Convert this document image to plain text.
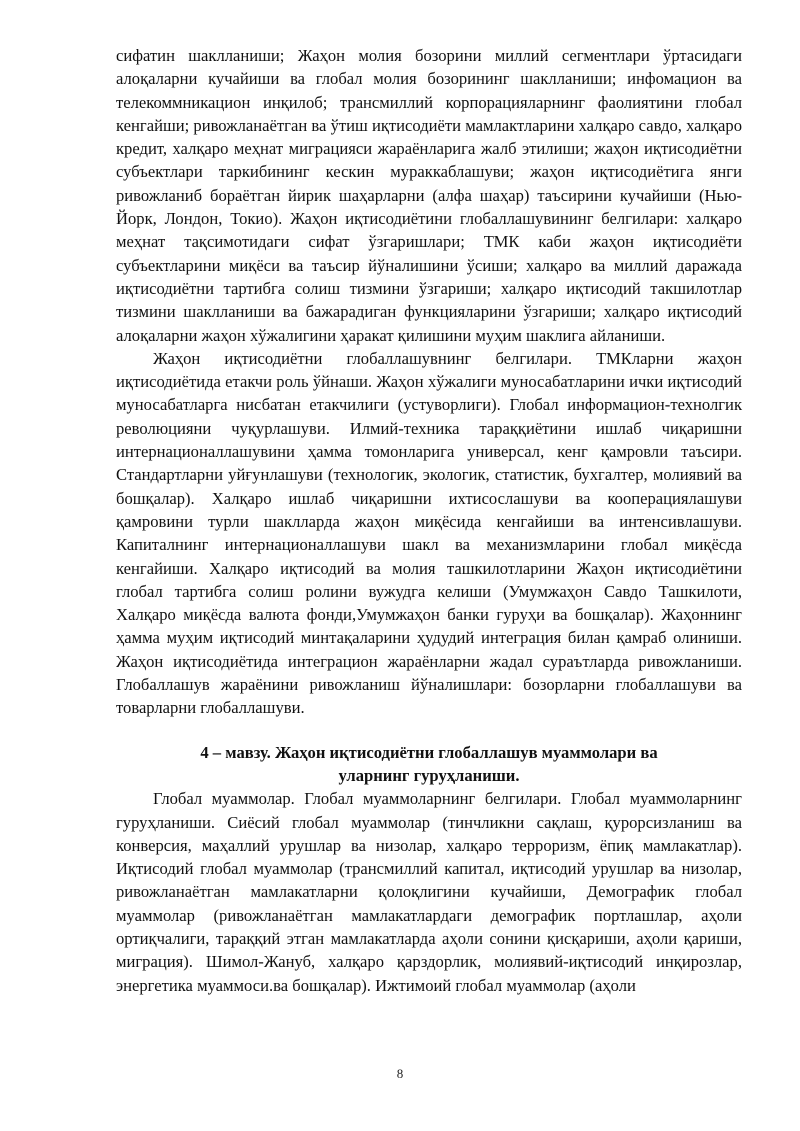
сифатин шаклланиши; Жаҳон молия бозорини миллий сегментлари ўртасидаги алоқаларни кучайиши ва глобал молия бозорининг шаклланиши; инфомацион ва телекоммникацион инқилоб; трансмиллий корпорацияларнинг фаолиятини глобал кенгайши; ривожланаётган ва ўтиш иқтисодиёти мамлактларини халқаро савдо, халқаро кредит, халқаро меҳнат миграцияси жараёнларига жалб этилиши; жаҳон иқтисодиётни субъектлари таркибининг кескин мураккаблашуви; жаҳон иқтисодиётига янги ривожланиб бораётган йирик шаҳарларни (алфа шаҳар) таъсирини кучайиши (Нью-Йорк, Лондон, Токио). Жаҳон иқтисодиётини глобаллашувининг белгилари: халқаро меҳнат тақсимотидаги сифат ўзгаришлари; ТМК каби жаҳон иқтисодиёти субъектларини миқёси ва таъсир йўналишини ўсиши; халқаро ва миллий даражада иқтисодиётни тартибга солиш тизмини ўзгариши; халқаро иқтисодий такшилотлар тизмини шаклланиши ва бажарадиган функцияларини ўзгариши; халқаро иқтисодий алоқаларни жаҳон хўжалигини ҳаракат қилишини муҳим шаклига айланиши.

Жаҳон иқтисодиётни глобаллашувнинг белгилари. ТМКларни жаҳон иқтисодиётида етакчи роль ўйнаши. Жаҳон хўжалиги муносабатларини ички иқтисодий муносабатларга нисбатан етакчилиги (устуворлиги). Глобал информацион-технолгик революцияни чуқурлашуви. Илмий-техника тараққиётини ишлаб чиқаришни интернационаллашувини ҳамма томонларига универсал, кенг қамровли таъсири. Стандартларни уйғунлашуви (технологик, экологик, статистик, бухгалтер, молиявий ва бошқалар). Халқаро ишлаб чиқаришни ихтисослашуви ва кооперациялашуви қамровини турли шаклларда жаҳон миқёсида кенгайиши ва интенсивлашуви. Капиталнинг интернационаллашуви шакл ва механизмларини глобал миқёсда кенгайиши. Халқаро иқтисодий ва молия ташкилотларини Жаҳон иқтисодиётини глобал тартибга солиш ролини вужудга келиши (Умумжаҳон Савдо Ташкилоти, Халқаро миқёсда валюта фонди,Умумжаҳон банки гуруҳи ва бошқалар). Жаҳоннинг ҳамма муҳим иқтисодий минтақаларини ҳудудий интеграция билан қамраб олиниши. Жаҳон иқтисодиётида интеграцион жараёнларни жадал сураътларда ривожланиши. Глобаллашув жараёнини ривожланиш йўналишлари: бозорларни глобаллашуви ва товарларни глобаллашуви.

4 – мавзу. Жаҳон иқтисодиётни глобаллашув муаммолари ва
уларнинг гуруҳланиши.

Глобал муаммолар. Глобал муаммоларнинг белгилари. Глобал муаммоларнинг гуруҳланиши. Сиёсий глобал муаммолар (тинчликни сақлаш, қурорсизланиш ва конверсия, маҳаллий урушлар ва низолар, халқаро терроризм, ёпиқ мамлакатлар). Иқтисодий глобал муаммолар (трансмиллий капитал, иқтисодий урушлар ва низолар, ривожланаётган мамлакатларни қолоқлигини кучайиши, Демографик глобал муаммолар (ривожланаётган мамлакатлардаги демографик портлашлар, аҳоли ортиқчалиги, тараққий этган мамлакатларда аҳоли сонини қисқариши, аҳоли қариши, миграция). Шимол-Жануб, халқаро қарздорлик, молиявий-иқтисодий инқирозлар, энергетика муаммоси.ва бошқалар). Ижтимоий глобал муаммолар (аҳоли

8
